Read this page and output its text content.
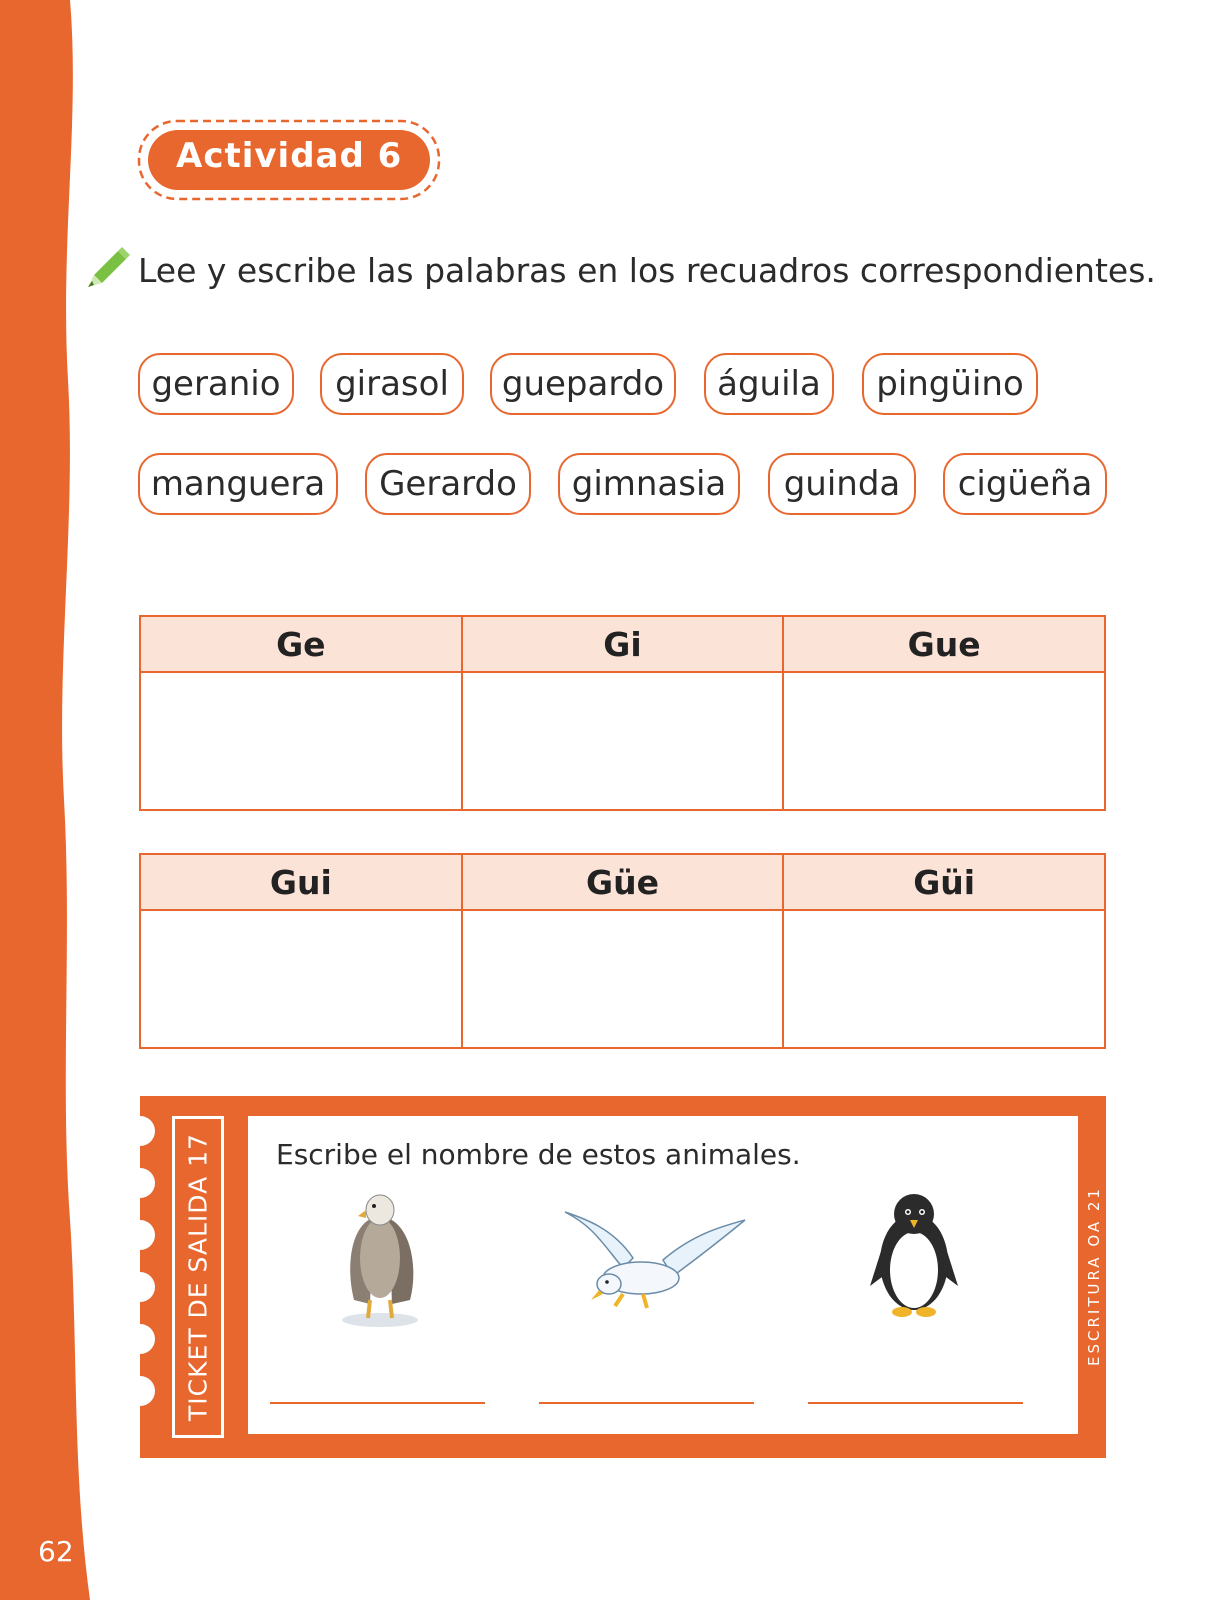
62
Actividad 6
Lee y escribe las palabras en los recuadros correspondientes.
geranio	girasol	guepardo	águila	pingüino
manguera	Gerardo	gimnasia	guinda	cigüeña
Ge	Gi	Gue

Gui	Güe	Güi

TICKET DE SALIDA 17 Escribe el nombre de estos animales.
ESCRITURA OA 21
